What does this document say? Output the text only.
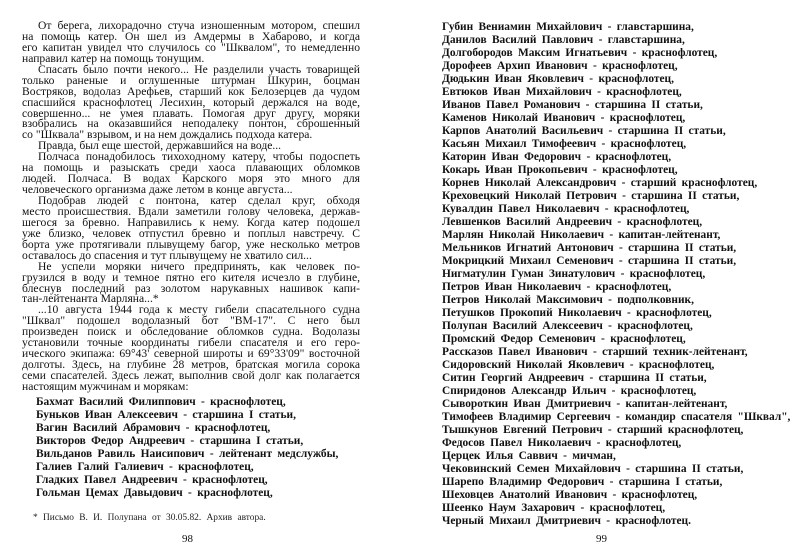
От берега, лихорадочно стуча изношенным мотором, спешил
на помощь катер. Он шел из Амдермы в Хабарово, и когда
его капитан увидел что случилось со "Шквалом", то немедленно
направил катер на помощь тонущим.
Спасать было почти некого... Не разделили участь товарищей
только раненые и оглушенные штурман Шкурин, боцман
Востряков, водолаз Арефьев, старший кок Белозерцев да чудом
спасшийся краснофлотец Лесихин, который держался на воде,
совершенно... не умея плавать. Помогая друг другу, моряки
взобрались на оказавшийся неподалеку понтон, сброшенный
со "Шквала" взрывом, и на нем дождались подхода катера.
Правда, был еще шестой, державшийся на воде...
Полчаса понадобилось тихоходному катеру, чтобы подоспеть
на помощь и разыскать среди хаоса плавающих обломков
людей. Полчаса. В водах Карского моря это много для
человеческого организма даже летом в конце августа...
Подобрав людей с понтона, катер сделал круг, обходя
место происшествия. Вдали заметили голову человека, держав-
шегося за бревно. Направились к нему. Когда катер подошел
уже близко, человек отпустил бревно и поплыл навстречу. С
борта уже протягивали плывущему багор, уже несколько метров
оставалось до спасения и тут плывущему не хватило сил...
Не успели моряки ничего предпринять, как человек по-
грузился в воду и темное пятно его кителя исчезло в глубине,
блеснув последний раз золотом нарукавных нашивок капи-
тан-лейтенанта Марляна...*
...10 августа 1944 года к месту гибели спасательного судна
"Шквал" подошел водолазный бот "ВМ-17". С него был
произведен поиск и обследование обломков судна. Водолазы
установили точные координаты гибели спасателя и его геро-
ического экипажа: 69°43' северной широты и 69°33'09" восточной
долготы. Здесь, на глубине 28 метров, братская могила сорока
семи спасателей. Здесь лежат, выполнив свой долг как полагается
настоящим мужчинам и морякам:
Бахмат Василий Филиппович - краснофлотец,
Буньков Иван Алексеевич - старшина I статьи,
Вагин Василий Абрамович - краснофлотец,
Викторов Федор Андреевич - старшина I статьи,
Вильданов Равиль Наисипович - лейтенант медслужбы,
Галиев Галий Галиевич - краснофлотец,
Гладких Павел Андреевич - краснофлотец,
Гольман Цемах Давыдович - краснофлотец,
* Письмо В. И. Полупана от 30.05.82. Архив автора.
98
Губин Вениамин Михайлович - главстаршина,
Данилов Василий Павлович - главстаршина,
Долгобородов Максим Игнатьевич - краснофлотец,
Дорофеев Архип Иванович - краснофлотец,
Дюдькин Иван Яковлевич - краснофлотец,
Евтюков Иван Михайлович - краснофлотец,
Иванов Павел Романович - старшина II статьи,
Каменов Николай Иванович - краснофлотец,
Карпов Анатолий Васильевич - старшина II статьи,
Касьян Михаил Тимофеевич - краснофлотец,
Каторин Иван Федорович - краснофлотец,
Кокарь Иван Прокопьевич - краснофлотец,
Корнев Николай Александрович - старший краснофлотец,
Креховецкий Николай Петрович - старшина II статьи,
Кувалдин Павел Николаевич - краснофлотец,
Левшенков Василий Андреевич - краснофлотец,
Марлян Николай Николаевич - капитан-лейтенант,
Мельников Игнатий Антонович - старшина II статьи,
Мокрицкий Михаил Семенович - старшина II статьи,
Нигматулин Гуман Зинатулович - краснофлотец,
Петров Иван Николаевич - краснофлотец,
Петров Николай Максимович - подполковник,
Петушков Прокопий Николаевич - краснофлотец,
Полупан Василий Алексеевич - краснофлотец,
Промский Федор Семенович - краснофлотец,
Рассказов Павел Иванович - старший техник-лейтенант,
Сидоровский Николай Яковлевич - краснофлотец,
Ситин Георгий Андреевич - старшина II статьи,
Спиридонов Александр Ильич - краснофлотец,
Сывороткин Иван Дмитриевич - капитан-лейтенант,
Тимофеев Владимир Сергеевич - командир спасателя "Шквал",
Тышкунов Евгений Петрович - старший краснофлотец,
Федосов Павел Николаевич - краснофлотец,
Церцек Илья Саввич - мичман,
Чековинский Семен Михайлович - старшина II статьи,
Шарепо Владимир Федорович - старшина I статьи,
Шеховцев Анатолий Иванович - краснофлотец,
Шеенко Наум Захарович - краснофлотец,
Черный Михаил Дмитриевич - краснофлотец.
99
